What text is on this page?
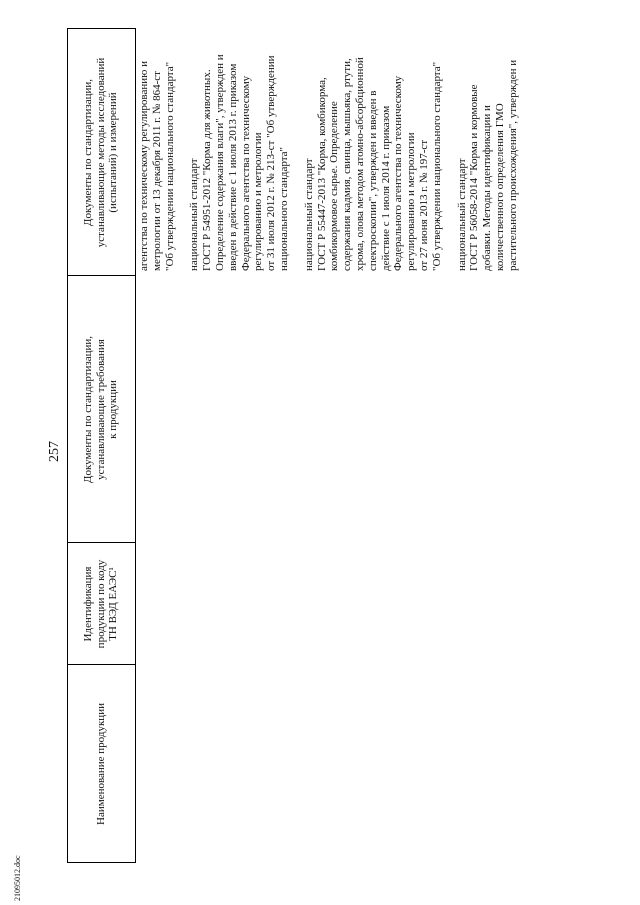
257
21095012.doc
Наименование продукции
Идентификация продукции по коду ТН ВЭД ЕАЭС¹
Документы по стандартизации, устанавливающие требования к продукции
Документы по стандартизации, устанавливающие методы исследований (испытаний) и измерений агентства по техническому регулированию и метрологии от 13 декабря 2011 г. № 864-ст "Об утверждении национального стандарта" национальный стандарт ГОСТ Р 54951-2012 "Корма для животных. Определение содержания влаги", утвержден и введен в действие с 1 июля 2013 г. приказом Федерального агентства по техническому регулированию и метрологии от 31 июля 2012 г. № 213-ст "Об утверждении национального стандарта" национальный стандарт ГОСТ Р 55447-2013 "Корма, комбикорма, комбикормовое сырье. Определение содержания кадмия, свинца, мышьяка, ртути, хрома, олова методом атомно-абсорбционной спектроскопии", утвержден и введен в действие с 1 июля 2014 г. приказом Федерального агентства по техническому регулированию и метрологии от 27 июня 2013 г. № 197-ст "Об утверждении национального стандарта" национальный стандарт ГОСТ Р 56058-2014 "Корма и кормовые добавки. Методы идентификации и количественного определения ГМО растительного происхождения", утвержден и
